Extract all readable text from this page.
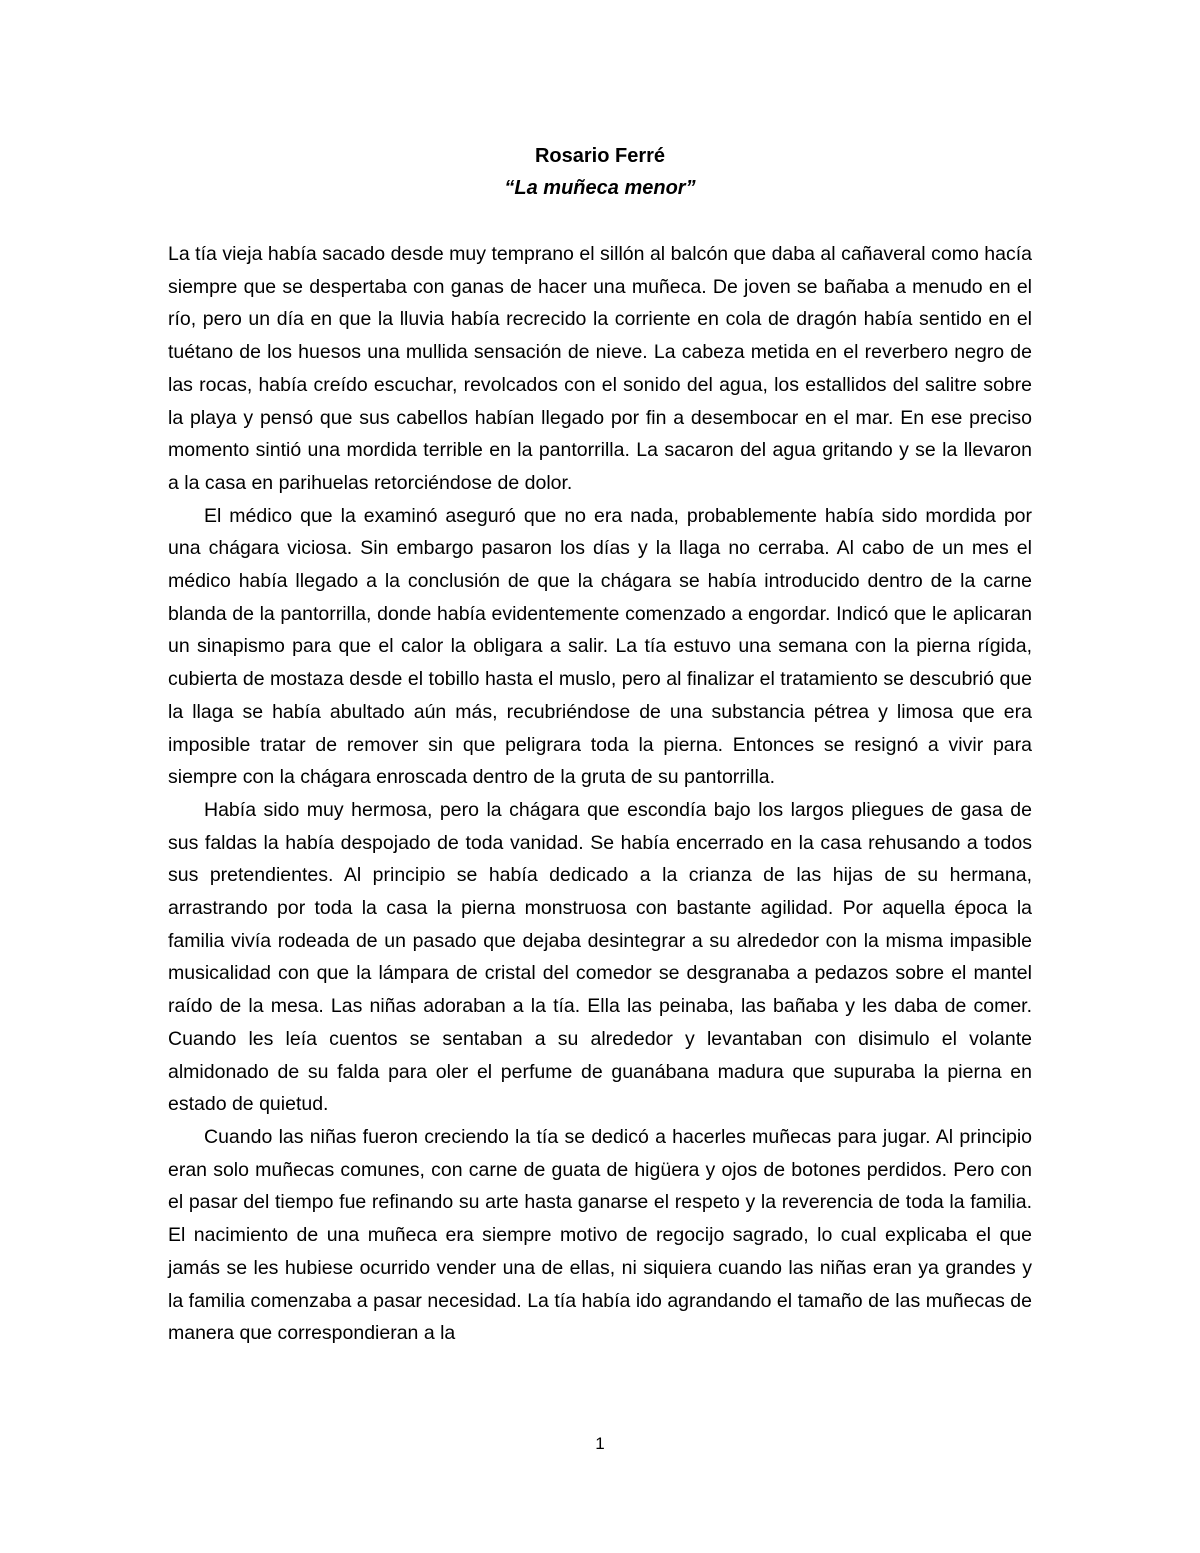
Rosario Ferré
“La muñeca menor”

La tía vieja había sacado desde muy temprano el sillón al balcón que daba al cañaveral como hacía siempre que se despertaba con ganas de hacer una muñeca. De joven se bañaba a menudo en el río, pero un día en que la lluvia había recrecido la corriente en cola de dragón había sentido en el tuétano de los huesos una mullida sensación de nieve. La cabeza metida en el reverbero negro de las rocas, había creído escuchar, revolcados con el sonido del agua, los estallidos del salitre sobre la playa y pensó que sus cabellos habían llegado por fin a desembocar en el mar. En ese preciso momento sintió una mordida terrible en la pantorrilla. La sacaron del agua gritando y se la llevaron a la casa en parihuelas retorciéndose de dolor.

El médico que la examinó aseguró que no era nada, probablemente había sido mordida por una chágara viciosa. Sin embargo pasaron los días y la llaga no cerraba. Al cabo de un mes el médico había llegado a la conclusión de que la chágara se había introducido dentro de la carne blanda de la pantorrilla, donde había evidentemente comenzado a engordar. Indicó que le aplicaran un sinapismo para que el calor la obligara a salir. La tía estuvo una semana con la pierna rígida, cubierta de mostaza desde el tobillo hasta el muslo, pero al finalizar el tratamiento se descubrió que la llaga se había abultado aún más, recubriéndose de una substancia pétrea y limosa que era imposible tratar de remover sin que peligrara toda la pierna. Entonces se resignó a vivir para siempre con la chágara enroscada dentro de la gruta de su pantorrilla.

Había sido muy hermosa, pero la chágara que escondía bajo los largos pliegues de gasa de sus faldas la había despojado de toda vanidad. Se había encerrado en la casa rehusando a todos sus pretendientes. Al principio se había dedicado a la crianza de las hijas de su hermana, arrastrando por toda la casa la pierna monstruosa con bastante agilidad. Por aquella época la familia vivía rodeada de un pasado que dejaba desintegrar a su alrededor con la misma impasible musicalidad con que la lámpara de cristal del comedor se desgranaba a pedazos sobre el mantel raído de la mesa. Las niñas adoraban a la tía. Ella las peinaba, las bañaba y les daba de comer. Cuando les leía cuentos se sentaban a su alrededor y levantaban con disimulo el volante almidonado de su falda para oler el perfume de guanábana madura que supuraba la pierna en estado de quietud.

Cuando las niñas fueron creciendo la tía se dedicó a hacerles muñecas para jugar. Al principio eran solo muñecas comunes, con carne de guata de higüera y ojos de botones perdidos. Pero con el pasar del tiempo fue refinando su arte hasta ganarse el respeto y la reverencia de toda la familia. El nacimiento de una muñeca era siempre motivo de regocijo sagrado, lo cual explicaba el que jamás se les hubiese ocurrido vender una de ellas, ni siquiera cuando las niñas eran ya grandes y la familia comenzaba a pasar necesidad. La tía había ido agrandando el tamaño de las muñecas de manera que correspondieran a la

1
